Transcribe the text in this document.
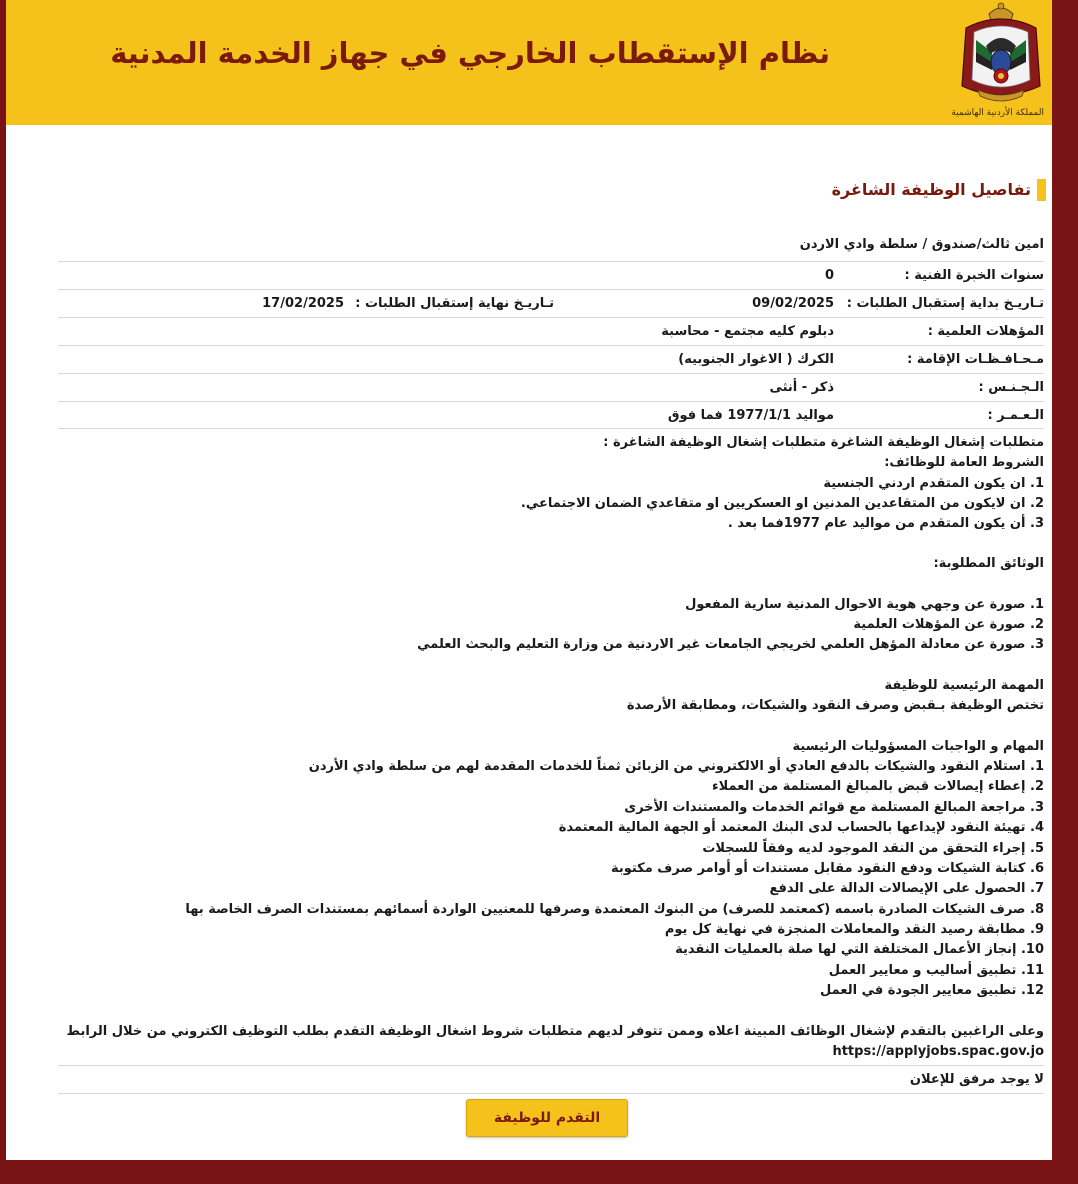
نظام الإستقطاب الخارجي في جهاز الخدمة المدنية
المملكة الأردنية الهاشمية
تفاصيل الوظيفة الشاغرة
امين ثالث/صندوق / سلطة وادي الاردن
سنوات الخبرة الفنية :
0
تـاريـخ بداية إستقبال الطلبات :
09/02/2025
تـاريـخ نهاية إستقبال الطلبات :
17/02/2025
المؤهلات العلمية :
دبلوم كليه مجتمع - محاسبة
مـحـافـظـات الإقامة :
الكرك ( الاغوار الجنوبيه)
الـجـنـس :
ذكر - أنثى
الـعـمـر :
مواليد 1977/1/1 فما فوق
متطلبات إشغال الوظيفة الشاغرة متطلبات إشغال الوظيفة الشاغرة :
الشروط العامة للوظائف:
1. ان يكون المتقدم اردني الجنسية
2. ان لايكون من المتقاعدين المدنين او العسكريين او متقاعدي الضمان الاجتماعي.
3. أن يكون المتقدم من مواليد عام 1977فما بعد .
الوثائق المطلوبة:
1. صورة عن وجهي هوية الاحوال المدنية سارية المفعول
2. صورة عن المؤهلات العلمية
3. صورة عن معادلة المؤهل العلمي لخريجي الجامعات غير الاردنية من وزارة التعليم والبحث العلمي
المهمة الرئيسية للوظيفة
تختص الوظيفة بـقبض وصرف النقود والشيكات، ومطابقة الأرصدة
المهام و الواجبات المسؤوليات الرئيسية
1. استلام النقود والشيكات بالدفع العادي أو الالكتروني من الزبائن ثمناً للخدمات المقدمة لهم من سلطة وادي الأردن
2. إعطاء إيصالات قبض بالمبالغ المستلمة من العملاء
3. مراجعة المبالغ المستلمة مع قوائم الخدمات والمستندات الأخرى
4. تهيئة النقود لإيداعها بالحساب لدى البنك المعتمد أو الجهة المالية المعتمدة
5. إجراء التحقق من النقد الموجود لديه وفقاً للسجلات
6. كتابة الشيكات ودفع النقود مقابل مستندات أو أوامر صرف مكتوبة
7. الحصول على الإيصالات الدالة على الدفع
8. صرف الشيكات الصادرة باسمه (كمعتمد للصرف) من البنوك المعتمدة وصرفها للمعنيين الواردة أسمائهم بمستندات الصرف الخاصة بها
9. مطابقة رصيد النقد والمعاملات المنجزة في نهاية كل يوم
10. إنجاز الأعمال المختلفة التي لها صلة بالعمليات النقدية
11. تطبيق أساليب و معايير العمل
12. تطبيق معايير الجودة في العمل
وعلى الراغبين بالتقدم لإشغال الوظائف المبينة اعلاه وممن تتوفر لديهم متطلبات شروط اشغال الوظيفة التقدم بطلب التوظيف الكتروني من خلال الرابط
https://applyjobs.spac.gov.jo
لا يوجد مرفق للإعلان
التقدم للوظيفة
